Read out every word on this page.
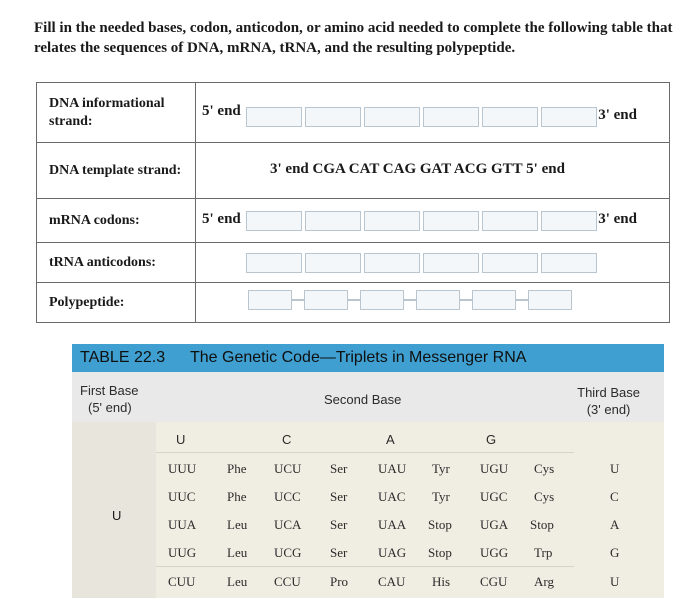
Fill in the needed bases, codon, anticodon, or amino acid needed to complete the following table that relates the sequences of DNA, mRNA, tRNA, and the resulting polypeptide.
DNA informational strand:	5' end 3' end

DNA template strand:	3' end CGA CAT CAG GAT ACG GTT 5' end

mRNA codons:	5' end 3' end

tRNA anticodons:	

Polypeptide:	
TABLE 22.3 The Genetic Code—Triplets in Messenger RNA
First Base
(5' end)
Second Base	Third Base
(3' end)
U
U	C	A	G
UUU Phe UCU Ser UAU Tyr UGU Cys	U
UUC Phe UCC Ser UAC Tyr UGC Cys	C
UUA Leu UCA Ser UAA Stop UGA Stop	A
UUG Leu UCG Ser UAG Stop UGG Trp	G
CUU Leu CCU Pro CAU His CGU Arg	U
